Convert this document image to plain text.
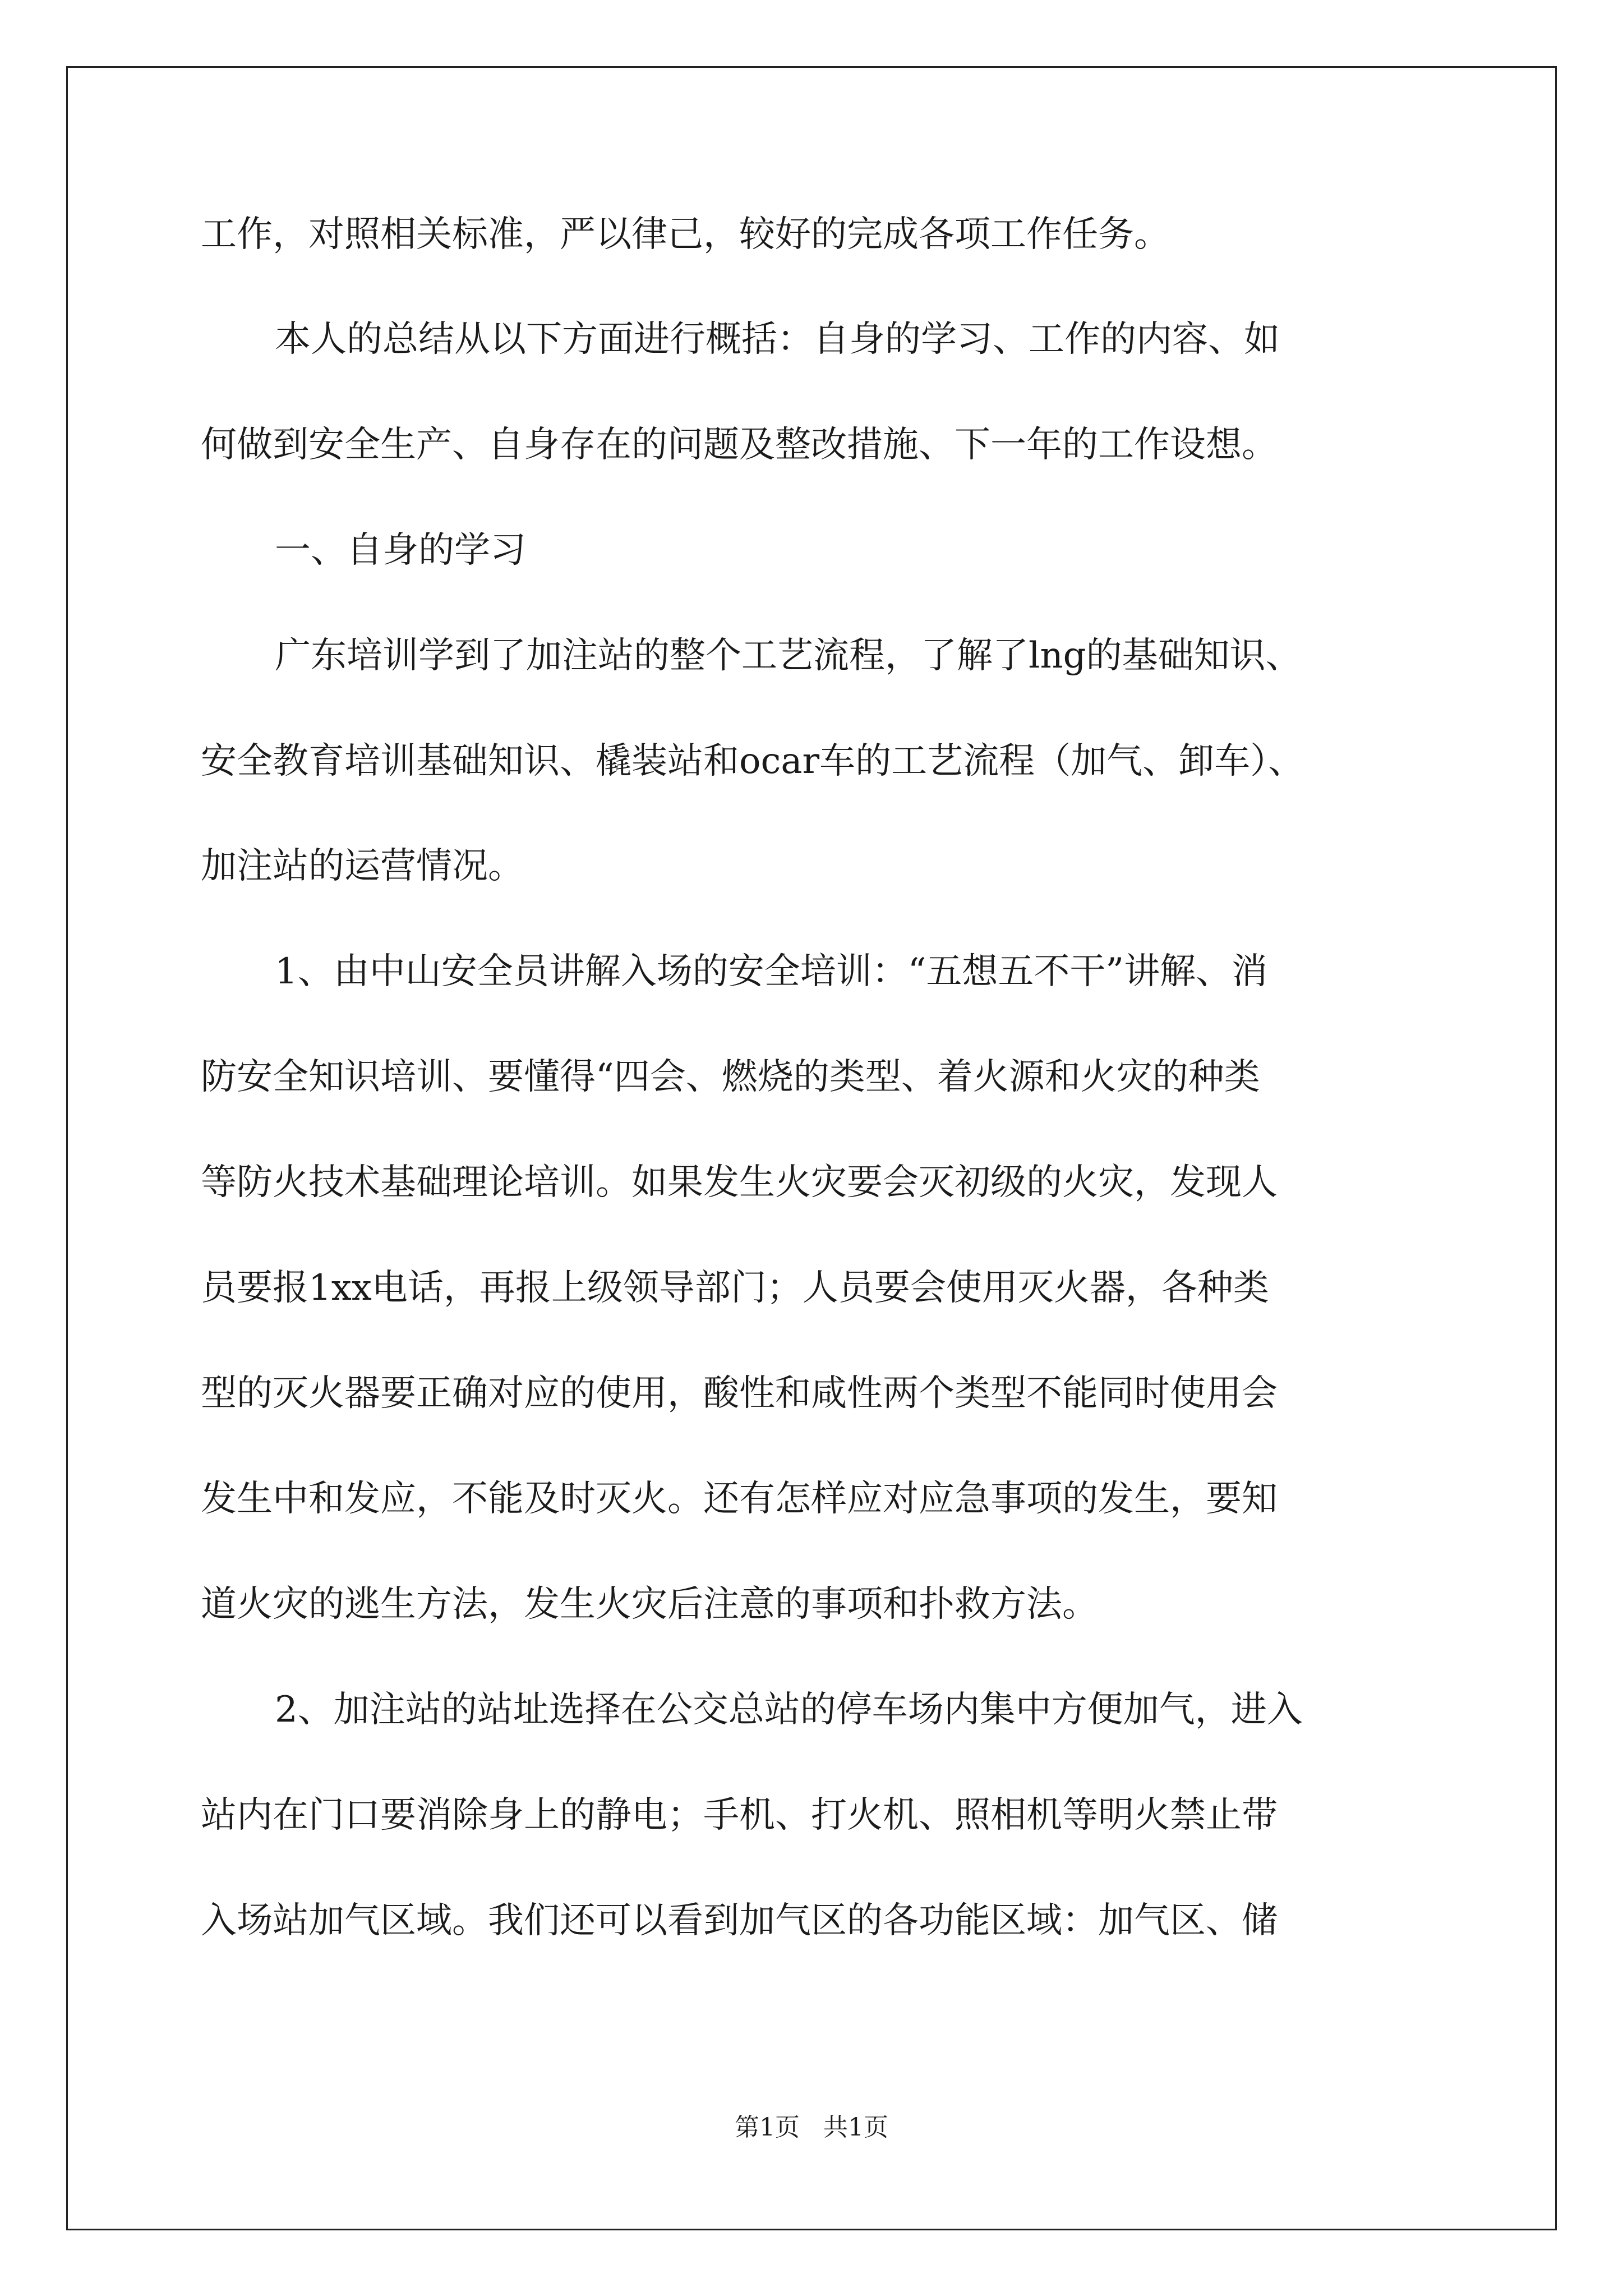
工作，对照相关标准，严以律己，较好的完成各项工作任务。
本人的总结从以下方面进行概括：自身的学习、工作的内容、如
何做到安全生产、自身存在的问题及整改措施、下一年的工作设想。
一、自身的学习
广东培训学到了加注站的整个工艺流程，了解了lng的基础知识、
安全教育培训基础知识、橇装站和ocar车的工艺流程（加气、卸车）、
加注站的运营情况。
1、由中山安全员讲解入场的安全培训：“五想五不干”讲解、消
防安全知识培训、要懂得“四会、燃烧的类型、着火源和火灾的种类
等防火技术基础理论培训。如果发生火灾要会灭初级的火灾，发现人
员要报1xx电话，再报上级领导部门；人员要会使用灭火器，各种类
型的灭火器要正确对应的使用，酸性和咸性两个类型不能同时使用会
发生中和发应，不能及时灭火。还有怎样应对应急事项的发生，要知
道火灾的逃生方法，发生火灾后注意的事项和扑救方法。
2、加注站的站址选择在公交总站的停车场内集中方便加气，进入
站内在门口要消除身上的静电；手机、打火机、照相机等明火禁止带
入场站加气区域。我们还可以看到加气区的各功能区域：加气区、储
第1页   共1页
